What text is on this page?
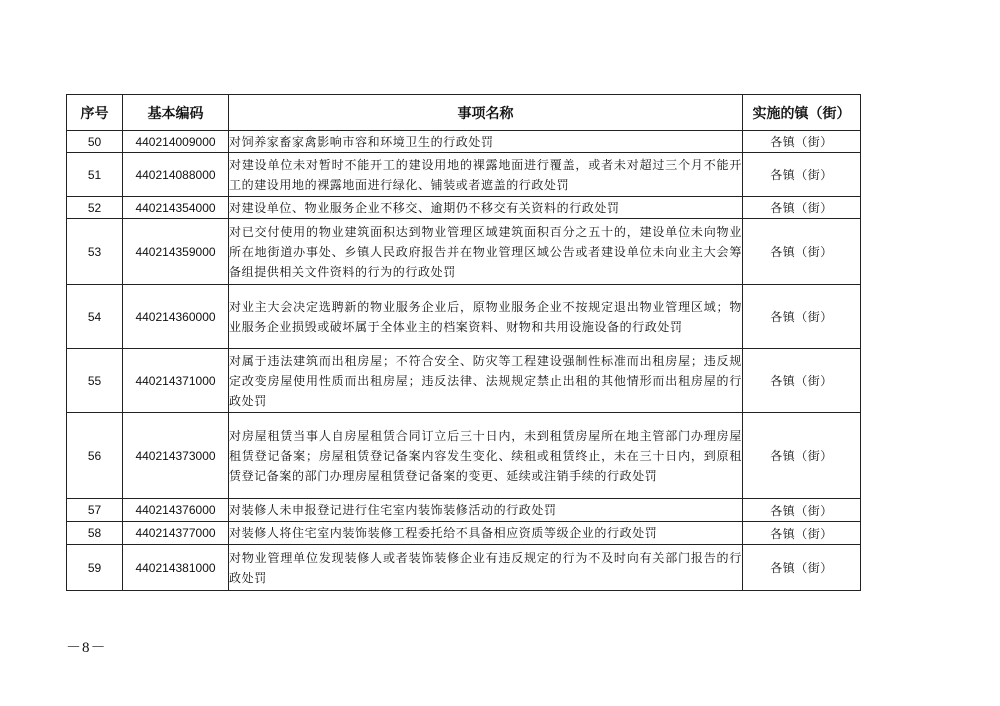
序号	基本编码	事项名称	实施的镇（街）
50	440214009000	对饲养家畜家禽影响市容和环境卫生的行政处罚	各镇（街）
51	440214088000	对建设单位未对暂时不能开工的建设用地的裸露地面进行覆盖，或者未对超过三个月不能开工的建设用地的裸露地面进行绿化、铺装或者遮盖的行政处罚	各镇（街）
52	440214354000	对建设单位、物业服务企业不移交、逾期仍不移交有关资料的行政处罚	各镇（街）
53	440214359000	对已交付使用的物业建筑面积达到物业管理区域建筑面积百分之五十的，建设单位未向物业所在地街道办事处、乡镇人民政府报告并在物业管理区域公告或者建设单位未向业主大会筹备组提供相关文件资料的行为的行政处罚	各镇（街）
54	440214360000	对业主大会决定选聘新的物业服务企业后，原物业服务企业不按规定退出物业管理区域；物业服务企业损毁或破坏属于全体业主的档案资料、财物和共用设施设备的行政处罚	各镇（街）
55	440214371000	对属于违法建筑而出租房屋；不符合安全、防灾等工程建设强制性标准而出租房屋；违反规定改变房屋使用性质而出租房屋；违反法律、法规规定禁止出租的其他情形而出租房屋的行政处罚	各镇（街）
56	440214373000	对房屋租赁当事人自房屋租赁合同订立后三十日内，未到租赁房屋所在地主管部门办理房屋租赁登记备案；房屋租赁登记备案内容发生变化、续租或租赁终止，未在三十日内，到原租赁登记备案的部门办理房屋租赁登记备案的变更、延续或注销手续的行政处罚	各镇（街）
57	440214376000	对装修人未申报登记进行住宅室内装饰装修活动的行政处罚	各镇（街）
58	440214377000	对装修人将住宅室内装饰装修工程委托给不具备相应资质等级企业的行政处罚	各镇（街）
59	440214381000	对物业管理单位发现装修人或者装饰装修企业有违反规定的行为不及时向有关部门报告的行政处罚	各镇（街）
－8－
